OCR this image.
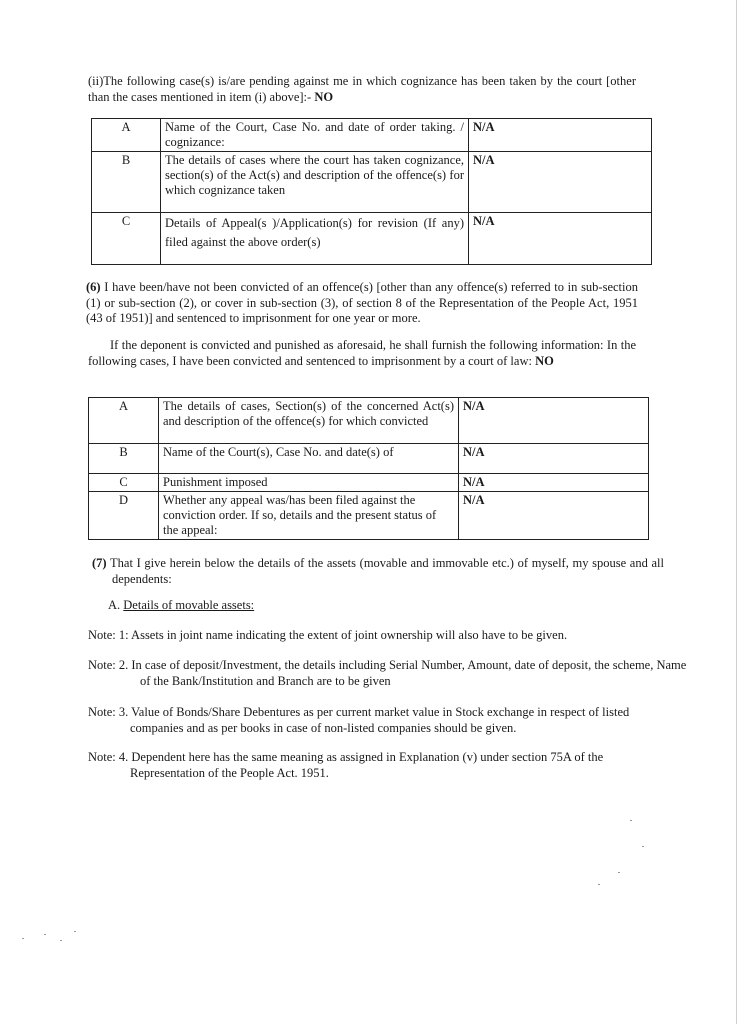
(ii)The following case(s) is/are pending against me in which cognizance has been taken by the court [other than the cases mentioned in item (i) above]:- NO
A	Name of the Court, Case No. and date of order taking. / cognizance:	N/A
B	The details of cases where the court has taken cognizance, section(s) of the Act(s) and description of the offence(s) for which cognizance taken	N/A
C	Details of Appeal(s )/Application(s) for revision (If any) filed against the above order(s)	N/A
(6) I have been/have not been convicted of an offence(s) [other than any offence(s) referred to in sub-section (1) or sub-section (2), or cover in sub-section (3), of section 8 of the Representation of the People Act, 1951 (43 of 1951)] and sentenced to imprisonment for one year or more.
If the deponent is convicted and punished as aforesaid, he shall furnish the following information: In the following cases, I have been convicted and sentenced to imprisonment by a court of law: NO
A	The details of cases, Section(s) of the concerned Act(s) and description of the offence(s) for which convicted	N/A
B	Name of the Court(s), Case No. and date(s) of	N/A
C	Punishment imposed	N/A
D	Whether any appeal was/has been filed against the conviction order. If so, details and the present status of the appeal:	N/A
(7) That I give herein below the details of the assets (movable and immovable etc.) of myself, my spouse and all dependents:
A. Details of movable assets:
Note: 1: Assets in joint name indicating the extent of joint ownership will also have to be given.
Note: 2. In case of deposit/Investment, the details including Serial Number, Amount, date of deposit, the scheme, Name of the Bank/Institution and Branch are to be given
Note: 3. Value of Bonds/Share Debentures as per current market value in Stock exchange in respect of listed companies and as per books in case of non-listed companies should be given.
Note: 4. Dependent here has the same meaning as assigned in Explanation (v) under section 75A of the Representation of the People Act. 1951.
